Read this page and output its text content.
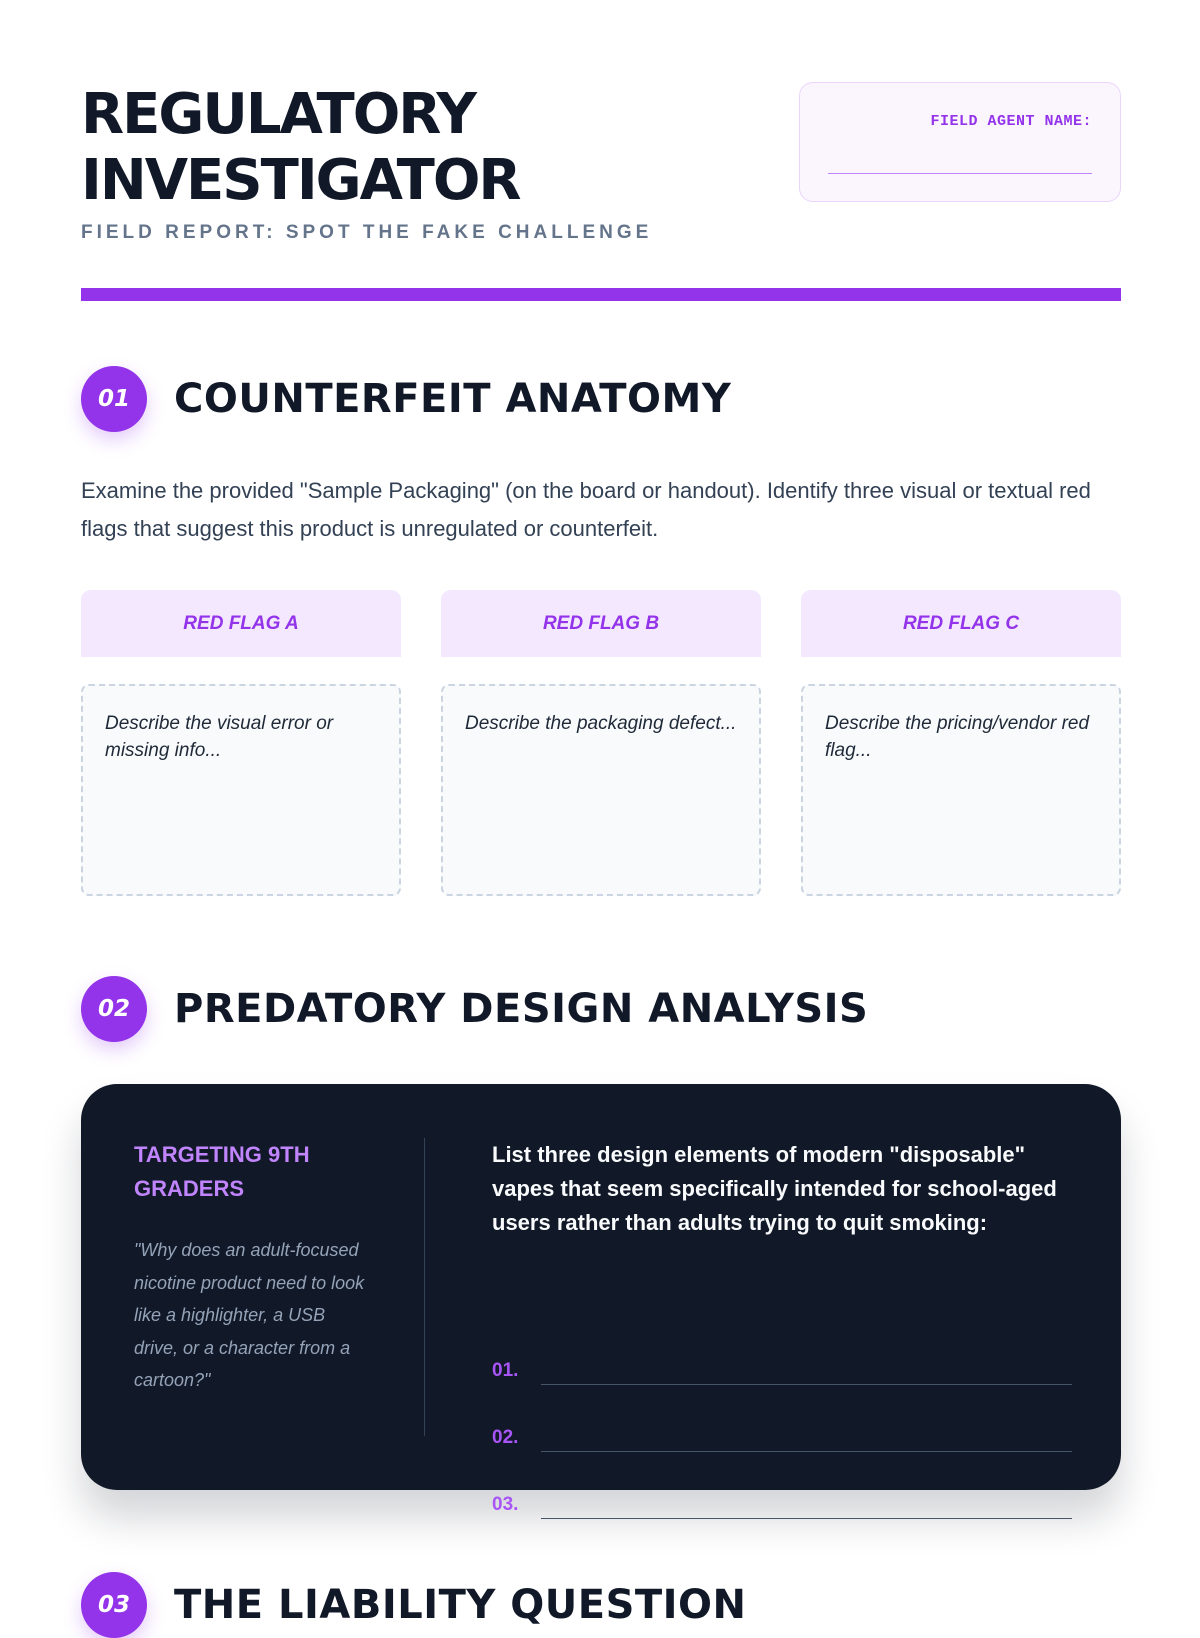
REGULATORY
INVESTIGATOR
FIELD REPORT: SPOT THE FAKE CHALLENGE
FIELD AGENT NAME:
01	COUNTERFEIT ANATOMY

Examine the provided "Sample Packaging" (on the board or handout). Identify three visual or textual red flags that suggest this product is unregulated or counterfeit.

RED FLAG A
Describe the visual error or missing info...
RED FLAG B
Describe the packaging defect...
RED FLAG C
Describe the pricing/vendor red flag...
02	PREDATORY DESIGN ANALYSIS

TARGETING 9TH GRADERS

"Why does an adult-focused nicotine product need to look like a highlighter, a USB drive, or a character from a cartoon?"

List three design elements of modern "disposable" vapes that seem specifically intended for school-aged users rather than adults trying to quit smoking:

01.
02.
03.
03	THE LIABILITY QUESTION
